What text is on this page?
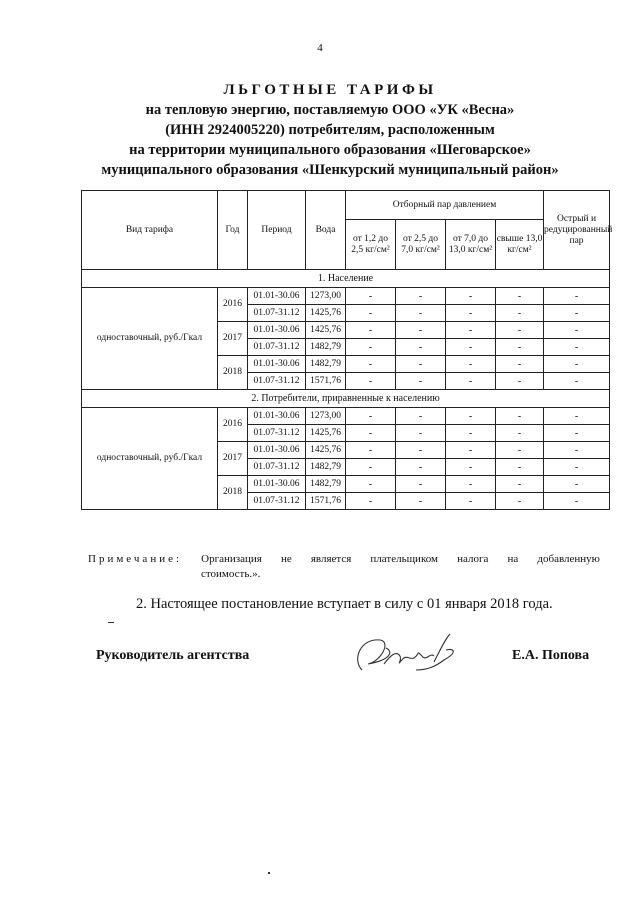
4
ЛЬГОТНЫЕ ТАРИФЫ
на тепловую энергию, поставляемую ООО «УК «Весна»
(ИНН 2924005220) потребителям, расположенным
на территории муниципального образования «Шеговарское»
муниципального образования «Шенкурский муниципальный район»
Вид тарифа	Год	Период	Вода	Отборный пар давлением				Острый и редуцированный пар
				от 1,2 до 2,5 кг/см²	от 2,5 до 7,0 кг/см²	от 7,0 до 13,0 кг/см²	свыше 13,0 кг/см²	
1. Население								
одноставочный, руб./Гкал	2016	01.01-30.06	1273,00	-	-	-	-	-
		01.07-31.12	1425,76	-	-	-	-	-
	2017	01.01-30.06	1425,76	-	-	-	-	-
		01.07-31.12	1482,79	-	-	-	-	-
	2018	01.01-30.06	1482,79	-	-	-	-	-
		01.07-31.12	1571,76	-	-	-	-	-
2. Потребители, приравненные к населению								
одноставочный, руб./Гкал	2016	01.01-30.06	1273,00	-	-	-	-	-
		01.07-31.12	1425,76	-	-	-	-	-
	2017	01.01-30.06	1425,76	-	-	-	-	-
		01.07-31.12	1482,79	-	-	-	-	-
	2018	01.01-30.06	1482,79	-	-	-	-	-
		01.07-31.12	1571,76	-	-	-	-	-
Примечание: Организация не является плательщиком налога на добавленную
стоимость.».
2. Настоящее постановление вступает в силу с 01 января 2018 года.
Руководитель агентства	Е.А. Попова
